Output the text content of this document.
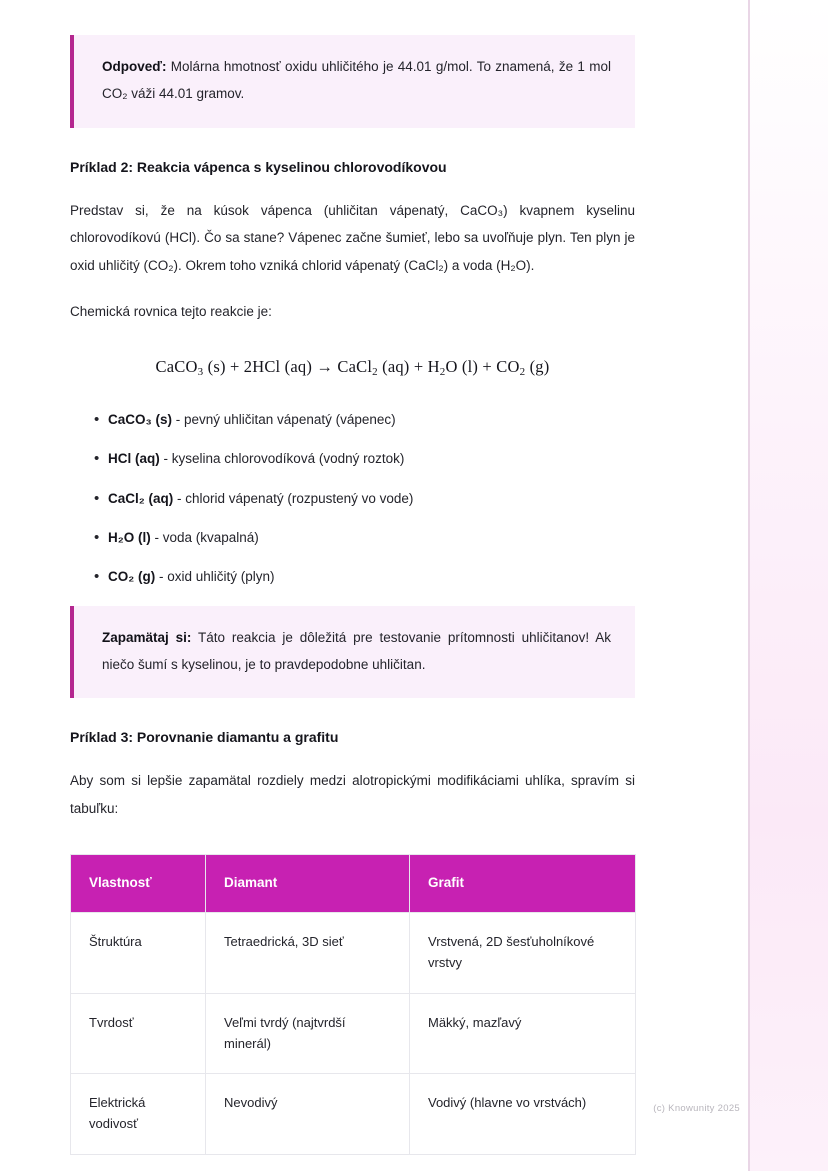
Odpoveď: Molárna hmotnosť oxidu uhličitého je 44.01 g/mol. To znamená, že 1 mol CO₂ váži 44.01 gramov.

Príklad 2: Reakcia vápenca s kyselinou chlorovodíkovou

Predstav si, že na kúsok vápenca (uhličitan vápenatý, CaCO₃) kvapnem kyselinu chlorovodíkovú (HCl). Čo sa stane? Vápenec začne šumieť, lebo sa uvoľňuje plyn. Ten plyn je oxid uhličitý (CO₂). Okrem toho vzniká chlorid vápenatý (CaCl₂) a voda (H₂O).

Chemická rovnica tejto reakcie je:

CaCO$_3$ (s) + 2HCl (aq) → CaCl$_2$ $(aq) + H_2O$ $(l) + CO_2$ (g)
• CaCO₃ (s) - pevný uhličitan vápenatý (vápenec)
• HCl (aq) - kyselina chlorovodíková (vodný roztok)
• CaCl₂ (aq) - chlorid vápenatý (rozpustený vo vode)
• H₂O (l) - voda (kvapalná)
• CO₂ (g) - oxid uhličitý (plyn)

Zapamätaj si: Táto reakcia je dôležitá pre testovanie prítomnosti uhličitanov! Ak niečo šumí s kyselinou, je to pravdepodobne uhličitan.

Príklad 3: Porovnanie diamantu a grafitu

Aby som si lepšie zapamätal rozdiely medzi alotropickými modifikáciami uhlíka, spravím si tabuľku:

Vlastnosť	Diamant	Grafit
Štruktúra	Tetraedrická, 3D sieť	Vrstvená, 2D šesťuholníkové vrstvy
Tvrdosť	Veľmi tvrdý (najtvrdší minerál)	Mäkký, mazľavý
Elektrická vodivosť	Nevodivý	Vodivý (hlavne vo vrstvách)	(c) Knowunity 2025
